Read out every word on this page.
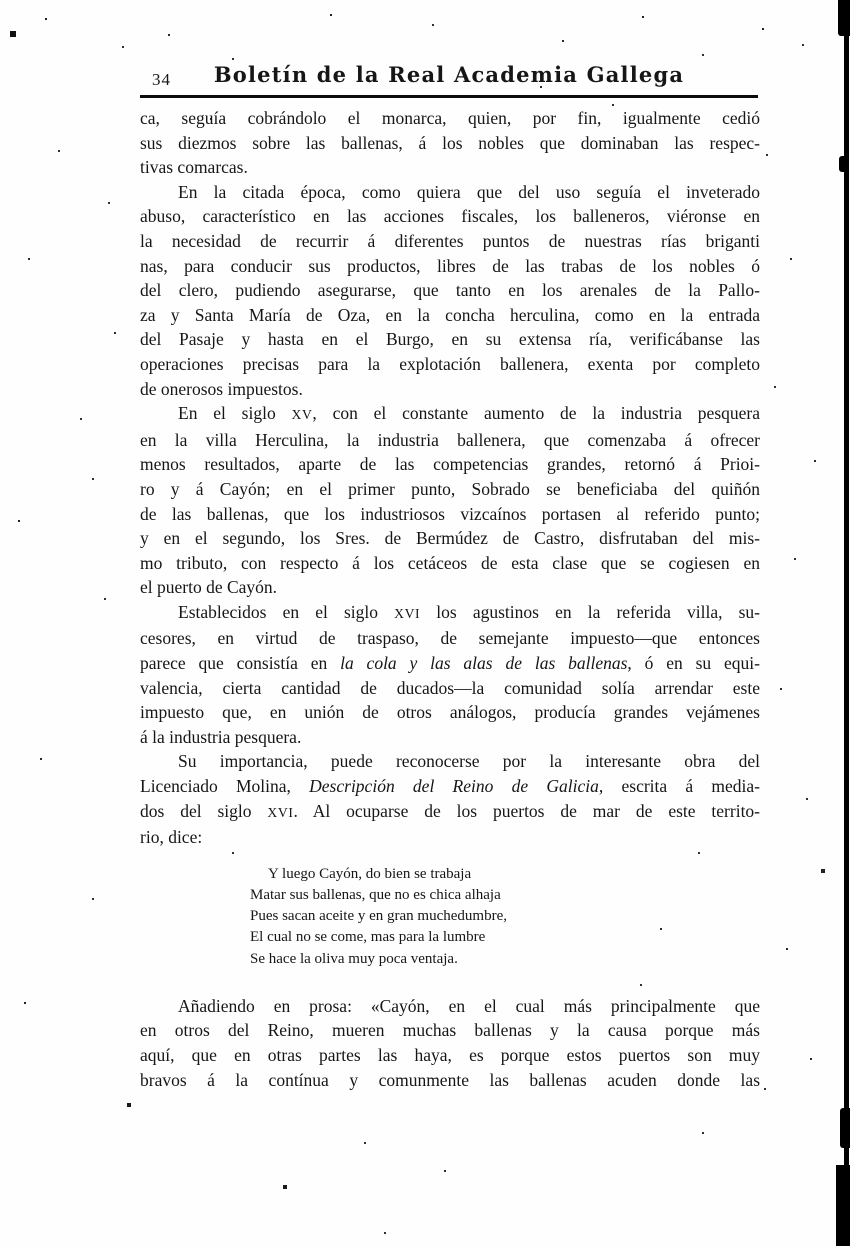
34	Boletín de la Real Academia Gallega
ca, seguía cobrándolo el monarca, quien, por fin, igualmente cedió
sus diezmos sobre las ballenas, á los nobles que dominaban las respec-
tivas comarcas.
En la citada época, como quiera que del uso seguía el inveterado
abuso, característico en las acciones fiscales, los balleneros, viéronse en
la necesidad de recurrir á diferentes puntos de nuestras rías briganti
nas, para conducir sus productos, libres de las trabas de los nobles ó
del clero, pudiendo asegurarse, que tanto en los arenales de la Pallo-
za y Santa María de Oza, en la concha herculina, como en la entrada
del Pasaje y hasta en el Burgo, en su extensa ría, verificábanse las
operaciones precisas para la explotación ballenera, exenta por completo
de onerosos impuestos.
En el siglo XV, con el constante aumento de la industria pesquera
en la villa Herculina, la industria ballenera, que comenzaba á ofrecer
menos resultados, aparte de las competencias grandes, retornó á Prioi-
ro y á Cayón; en el primer punto, Sobrado se beneficiaba del quiñón
de las ballenas, que los industriosos vizcaínos portasen al referido punto;
y en el segundo, los Sres. de Bermúdez de Castro, disfrutaban del mis-
mo tributo, con respecto á los cetáceos de esta clase que se cogiesen en
el puerto de Cayón.
Establecidos en el siglo XVI los agustinos en la referida villa, su-
cesores, en virtud de traspaso, de semejante impuesto—que entonces
parece que consistía en la cola y las alas de las ballenas, ó en su equi-
valencia, cierta cantidad de ducados—la comunidad solía arrendar este
impuesto que, en unión de otros análogos, producía grandes vejámenes
á la industria pesquera.
Su importancia, puede reconocerse por la interesante obra del
Licenciado Molina, Descripción del Reino de Galicia, escrita á media-
dos del siglo XVI. Al ocuparse de los puertos de mar de este territo-
rio, dice:
Y luego Cayón, do bien se trabaja
Matar sus ballenas, que no es chica alhaja
Pues sacan aceite y en gran muchedumbre,
El cual no se come, mas para la lumbre
Se hace la oliva muy poca ventaja.
Añadiendo en prosa: «Cayón, en el cual más principalmente que
en otros del Reino, mueren muchas ballenas y la causa porque más
aquí, que en otras partes las haya, es porque estos puertos son muy
bravos á la contínua y comunmente las ballenas acuden donde las
